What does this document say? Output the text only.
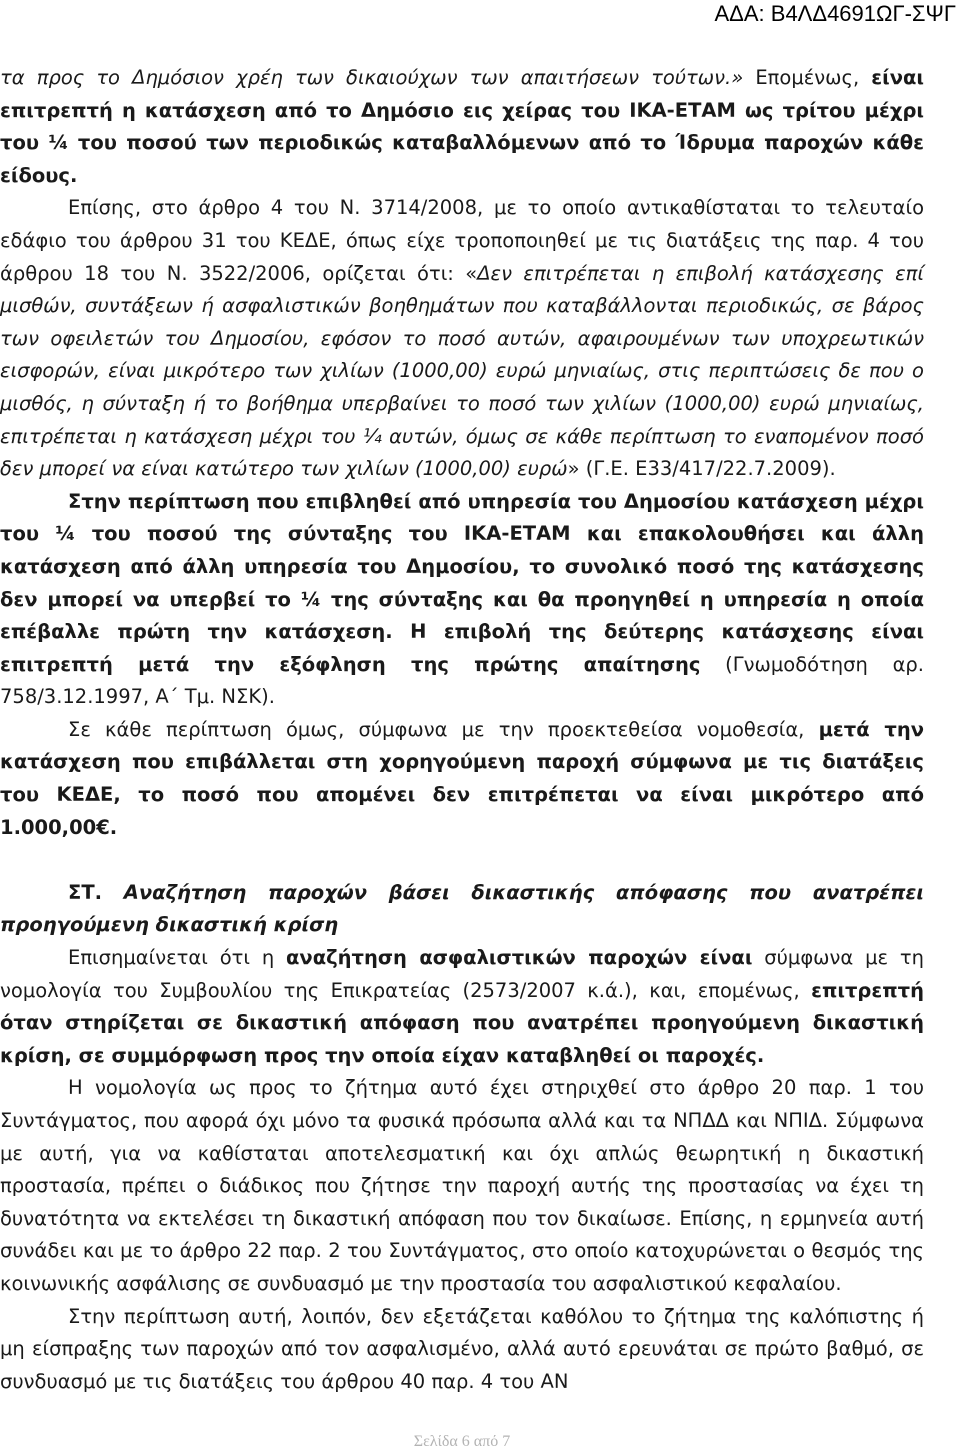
ΑΔΑ: Β4ΛΔ4691ΩΓ-ΣΨΓ

τα προς το Δημόσιον χρέη των δικαιούχων των απαιτήσεων τούτων.» Επομένως, είναι επιτρεπτή η κατάσχεση από το Δημόσιο εις χείρας του ΙΚΑ-ΕΤΑΜ ως τρίτου μέχρι του ¼ του ποσού των περιοδικώς καταβαλλόμενων από το Ίδρυμα παροχών κάθε είδους.

Επίσης, στο άρθρο 4 του Ν. 3714/2008, με το οποίο αντικαθίσταται το τελευταίο εδάφιο του άρθρου 31 του ΚΕΔΕ, όπως είχε τροποποιηθεί με τις διατάξεις της παρ. 4 του άρθρου 18 του Ν. 3522/2006, ορίζεται ότι: «Δεν επιτρέπεται η επιβολή κατάσχεσης επί μισθών, συντάξεων ή ασφαλιστικών βοηθημάτων που καταβάλλονται περιοδικώς, σε βάρος των οφειλετών του Δημοσίου, εφόσον το ποσό αυτών, αφαιρουμένων των υποχρεωτικών εισφορών, είναι μικρότερο των χιλίων (1000,00) ευρώ μηνιαίως, στις περιπτώσεις δε που ο μισθός, η σύνταξη ή το βοήθημα υπερβαίνει το ποσό των χιλίων (1000,00) ευρώ μηνιαίως, επιτρέπεται η κατάσχεση μέχρι του ¼ αυτών, όμως σε κάθε περίπτωση το εναπομένον ποσό δεν μπορεί να είναι κατώτερο των χιλίων (1000,00) ευρώ» (Γ.Ε. Ε33/417/22.7.2009).

Στην περίπτωση που επιβληθεί από υπηρεσία του Δημοσίου κατάσχεση μέχρι του ¼ του ποσού της σύνταξης του ΙΚΑ-ΕΤΑΜ και επακολουθήσει και άλλη κατάσχεση από άλλη υπηρεσία του Δημοσίου, το συνολικό ποσό της κατάσχεσης δεν μπορεί να υπερβεί το ¼ της σύνταξης και θα προηγηθεί η υπηρεσία η οποία επέβαλλε πρώτη την κατάσχεση. Η επιβολή της δεύτερης κατάσχεσης είναι επιτρεπτή μετά την εξόφληση της πρώτης απαίτησης (Γνωμοδότηση αρ. 758/3.12.1997, Α΄ Τμ. ΝΣΚ).

Σε κάθε περίπτωση όμως, σύμφωνα με την προεκτεθείσα νομοθεσία, μετά την κατάσχεση που επιβάλλεται στη χορηγούμενη παροχή σύμφωνα με τις διατάξεις του ΚΕΔΕ, το ποσό που απομένει δεν επιτρέπεται να είναι μικρότερο από 1.000,00€.

ΣΤ. Αναζήτηση παροχών βάσει δικαστικής απόφασης που ανατρέπει προηγούμενη δικαστική κρίση

Επισημαίνεται ότι η αναζήτηση ασφαλιστικών παροχών είναι σύμφωνα με τη νομολογία του Συμβουλίου της Επικρατείας (2573/2007 κ.ά.), και, επομένως, επιτρεπτή όταν στηρίζεται σε δικαστική απόφαση που ανατρέπει προηγούμενη δικαστική κρίση, σε συμμόρφωση προς την οποία είχαν καταβληθεί οι παροχές.

Η νομολογία ως προς το ζήτημα αυτό έχει στηριχθεί στο άρθρο 20 παρ. 1 του Συντάγματος, που αφορά όχι μόνο τα φυσικά πρόσωπα αλλά και τα ΝΠΔΔ και ΝΠΙΔ. Σύμφωνα με αυτή, για να καθίσταται αποτελεσματική και όχι απλώς θεωρητική η δικαστική προστασία, πρέπει ο διάδικος που ζήτησε την παροχή αυτής της προστασίας να έχει τη δυνατότητα να εκτελέσει τη δικαστική απόφαση που τον δικαίωσε. Επίσης, η ερμηνεία αυτή συνάδει και με το άρθρο 22 παρ. 2 του Συντάγματος, στο οποίο κατοχυρώνεται ο θεσμός της κοινωνικής ασφάλισης σε συνδυασμό με την προστασία του ασφαλιστικού κεφαλαίου.

Στην περίπτωση αυτή, λοιπόν, δεν εξετάζεται καθόλου το ζήτημα της καλόπιστης ή μη είσπραξης των παροχών από τον ασφαλισμένο, αλλά αυτό ερευνάται σε πρώτο βαθμό, σε συνδυασμό με τις διατάξεις του άρθρου 40 παρ. 4 του ΑΝ

Σελίδα 6 από 7
